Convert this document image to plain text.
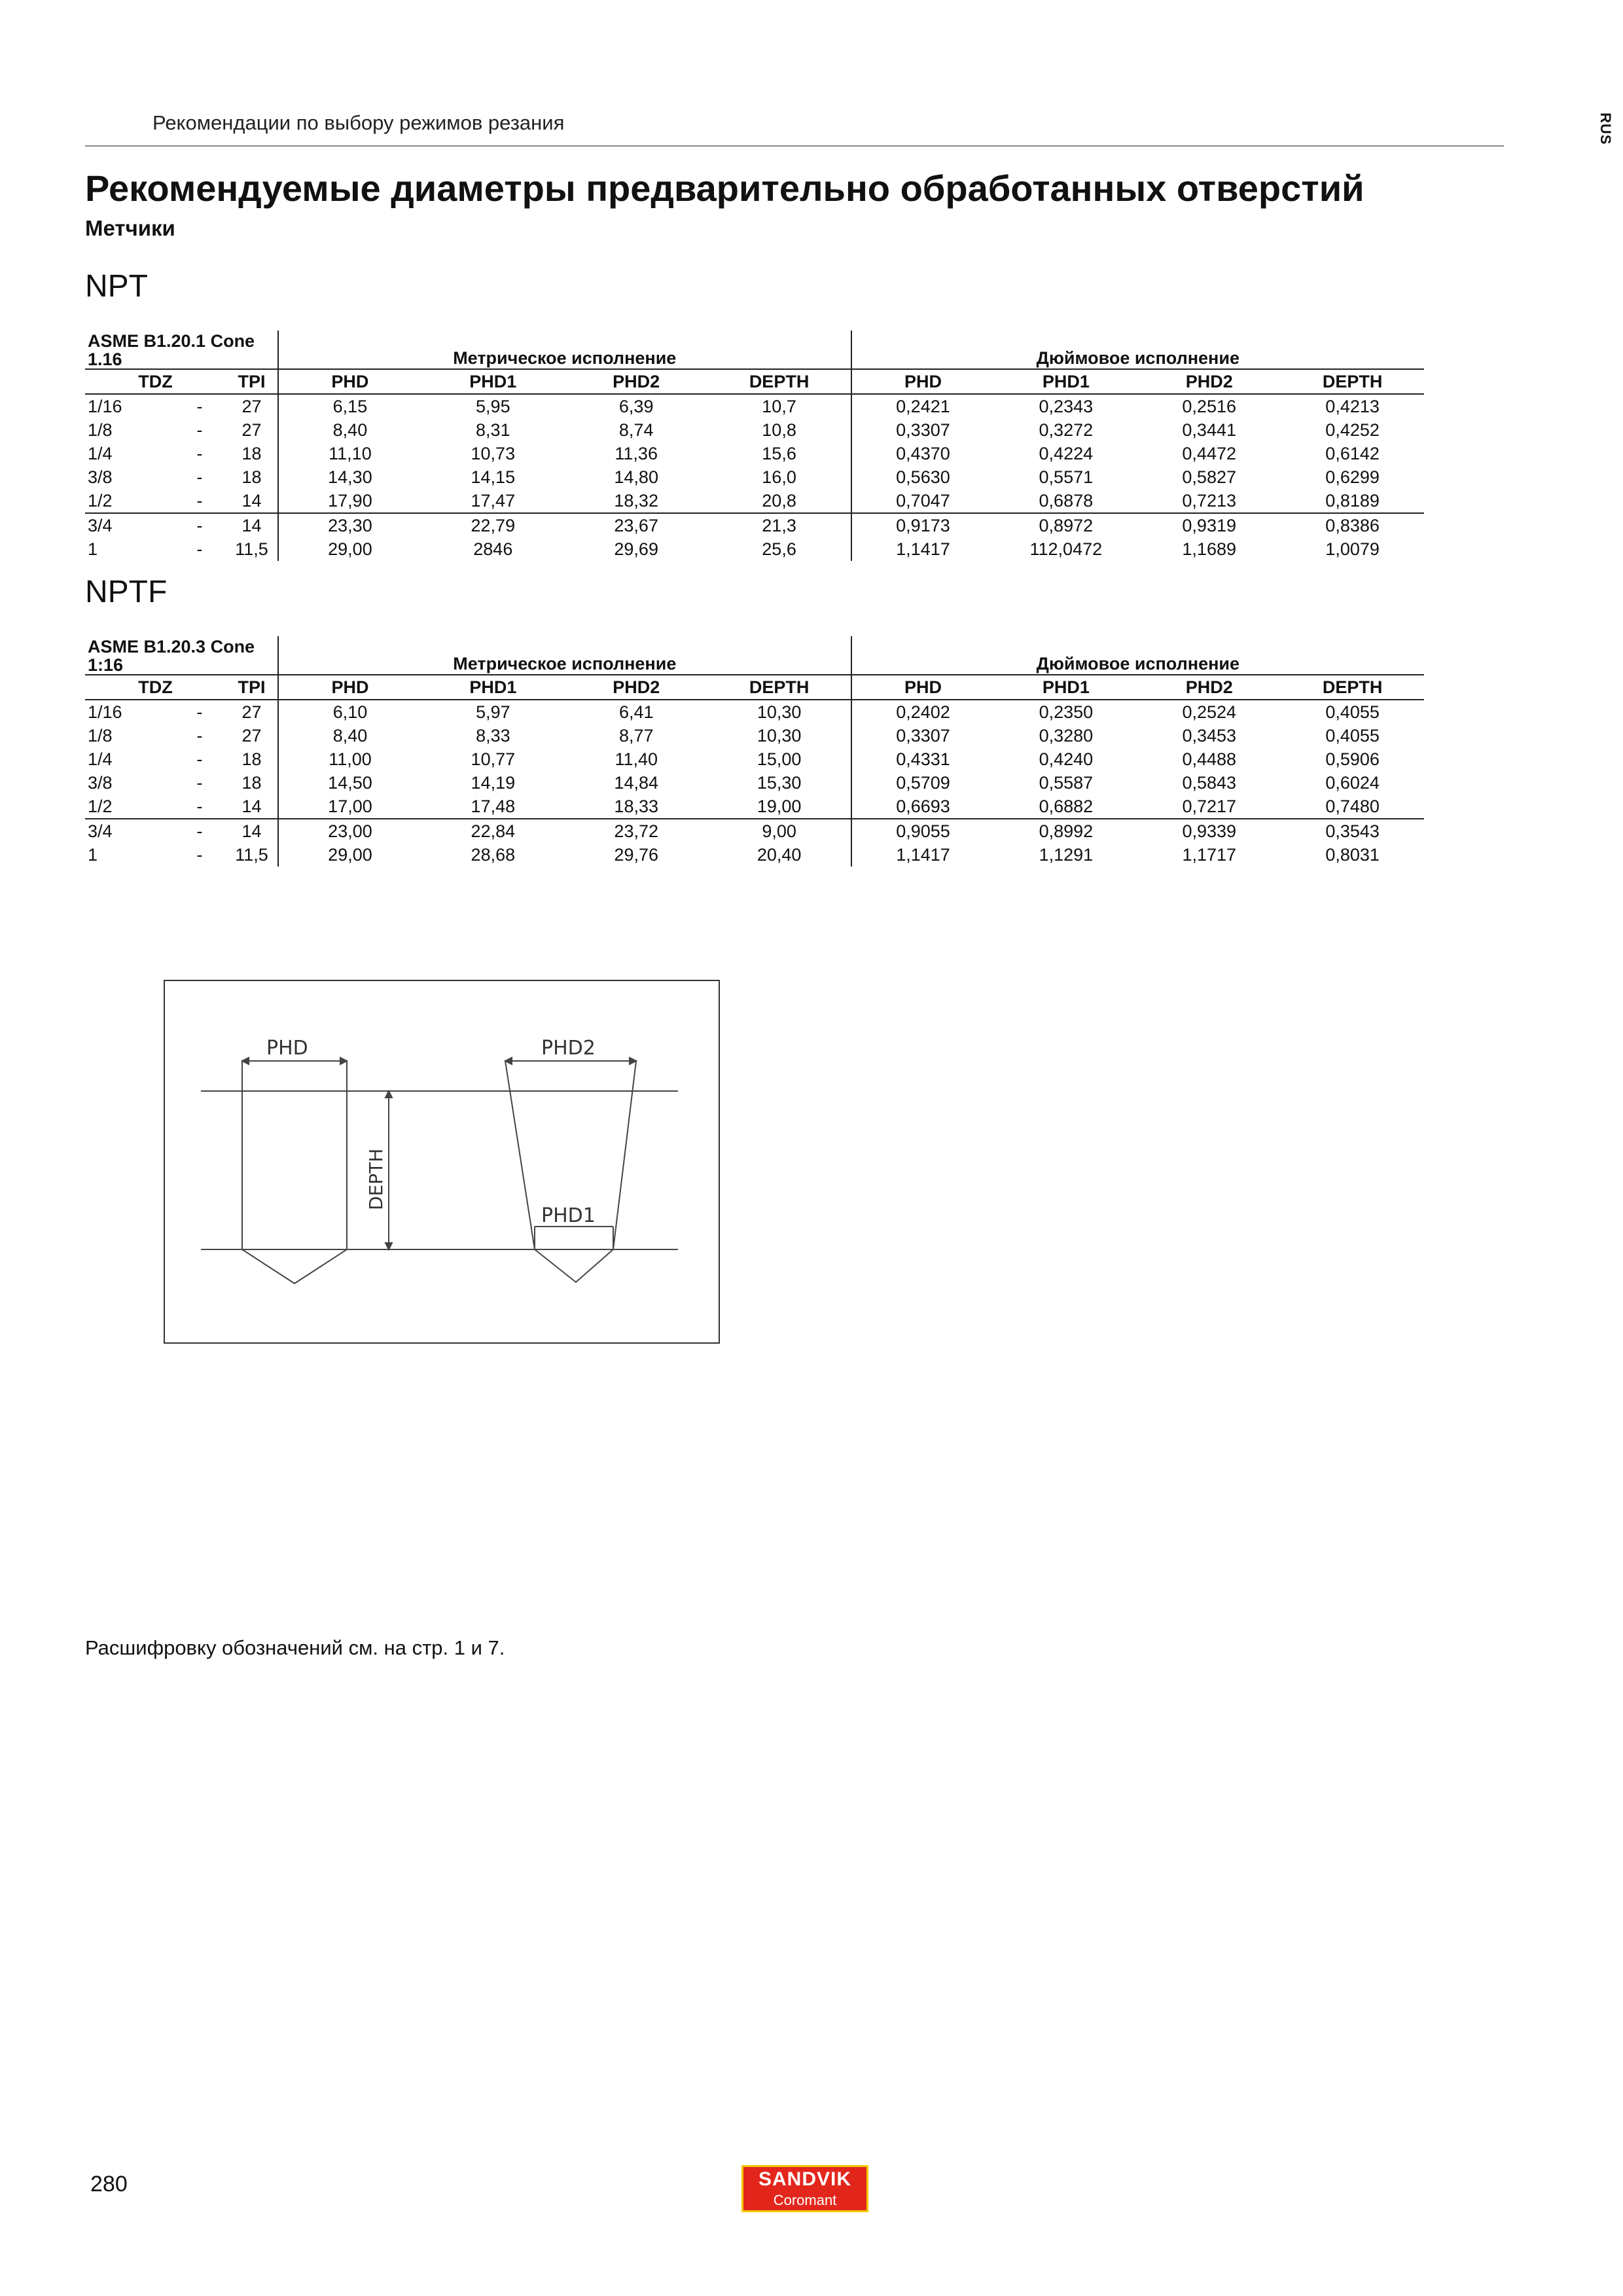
Рекомендации по выбору режимов резания	RUS
Рекомендуемые диаметры предварительно обработанных отверстий
Метчики
NPT
ASME B1.20.1 Cone 1.16			Метрическое исполнение				Дюймовое исполнение			
TDZ		TPI	PHD	PHD1	PHD2	DEPTH	PHD	PHD1	PHD2	DEPTH
1/16	-	27	6,15	5,95	6,39	10,7	0,2421	0,2343	0,2516	0,4213
1/8	-	27	8,40	8,31	8,74	10,8	0,3307	0,3272	0,3441	0,4252
1/4	-	18	11,10	10,73	11,36	15,6	0,4370	0,4224	0,4472	0,6142
3/8	-	18	14,30	14,15	14,80	16,0	0,5630	0,5571	0,5827	0,6299
1/2	-	14	17,90	17,47	18,32	20,8	0,7047	0,6878	0,7213	0,8189
3/4	-	14	23,30	22,79	23,67	21,3	0,9173	0,8972	0,9319	0,8386
1	-	11,5	29,00	2846	29,69	25,6	1,1417	112,0472	1,1689	1,0079
NPTF
ASME B1.20.3 Cone 1:16			Метрическое исполнение				Дюймовое исполнение			
TDZ		TPI	PHD	PHD1	PHD2	DEPTH	PHD	PHD1	PHD2	DEPTH
1/16	-	27	6,10	5,97	6,41	10,30	0,2402	0,2350	0,2524	0,4055
1/8	-	27	8,40	8,33	8,77	10,30	0,3307	0,3280	0,3453	0,4055
1/4	-	18	11,00	10,77	11,40	15,00	0,4331	0,4240	0,4488	0,5906
3/8	-	18	14,50	14,19	14,84	15,30	0,5709	0,5587	0,5843	0,6024
1/2	-	14	17,00	17,48	18,33	19,00	0,6693	0,6882	0,7217	0,7480
3/4	-	14	23,00	22,84	23,72	9,00	0,9055	0,8992	0,9339	0,3543
1	-	11,5	29,00	28,68	29,76	20,40	1,1417	1,1291	1,1717	0,8031
PHD	PHD2
PHD1
DEPTH
Расшифровку обозначений см. на стр. 1 и 7.
280	SANDVIK
Coromant
